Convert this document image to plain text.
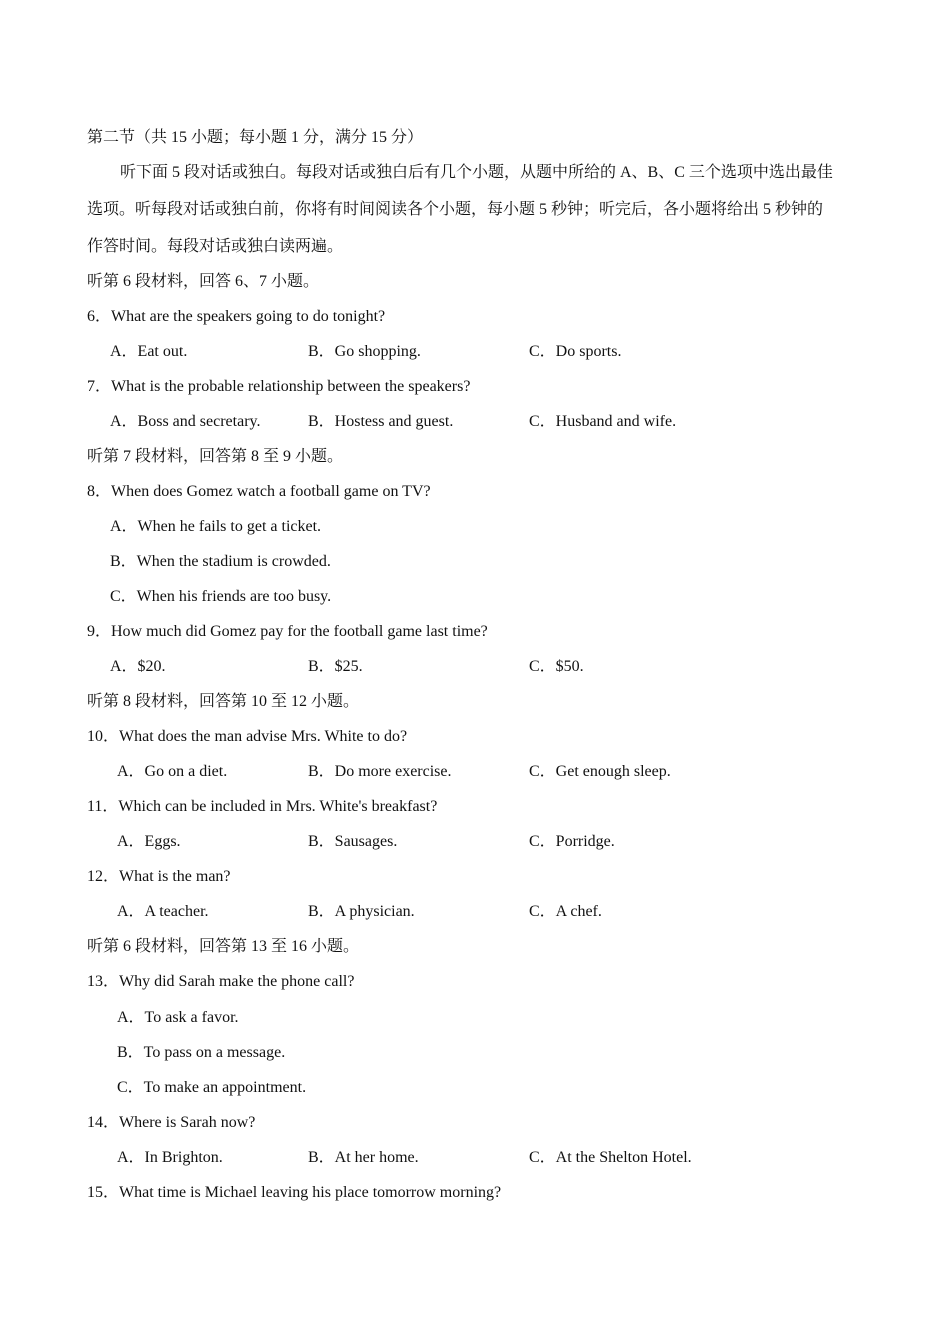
第二节（共 15 小题；每小题 1 分，满分 15 分）
听下面 5 段对话或独白。每段对话或独白后有几个小题，从题中所给的 A、B、C 三个选项中选出最佳
选项。听每段对话或独白前，你将有时间阅读各个小题，每小题 5 秒钟；听完后，各小题将给出 5 秒钟的
作答时间。每段对话或独白读两遍。
听第 6 段材料，回答 6、7 小题。
6．What are the speakers going to do tonight?
A．Eat out.	B．Go shopping.	C．Do sports.
7．What is the probable relationship between the speakers?
A．Boss and secretary.	B．Hostess and guest.	C．Husband and wife.
听第 7 段材料，回答第 8 至 9 小题。
8．When does Gomez watch a football game on TV?
A．When he fails to get a ticket.
B．When the stadium is crowded.
C．When his friends are too busy.
9．How much did Gomez pay for the football game last time?
A．$20.	B．$25.	C．$50.
听第 8 段材料，回答第 10 至 12 小题。
10．What does the man advise Mrs. White to do?
A．Go on a diet.	B．Do more exercise.	C．Get enough sleep.
11．Which can be included in Mrs. White's breakfast?
A．Eggs.	B．Sausages.	C．Porridge.
12．What is the man?
A．A teacher.	B．A physician.	C．A chef.
听第 6 段材料，回答第 13 至 16 小题。
13．Why did Sarah make the phone call?
A．To ask a favor.
B．To pass on a message.
C．To make an appointment.
14．Where is Sarah now?
A．In Brighton.	B．At her home.	C．At the Shelton Hotel.
15．What time is Michael leaving his place tomorrow morning?
